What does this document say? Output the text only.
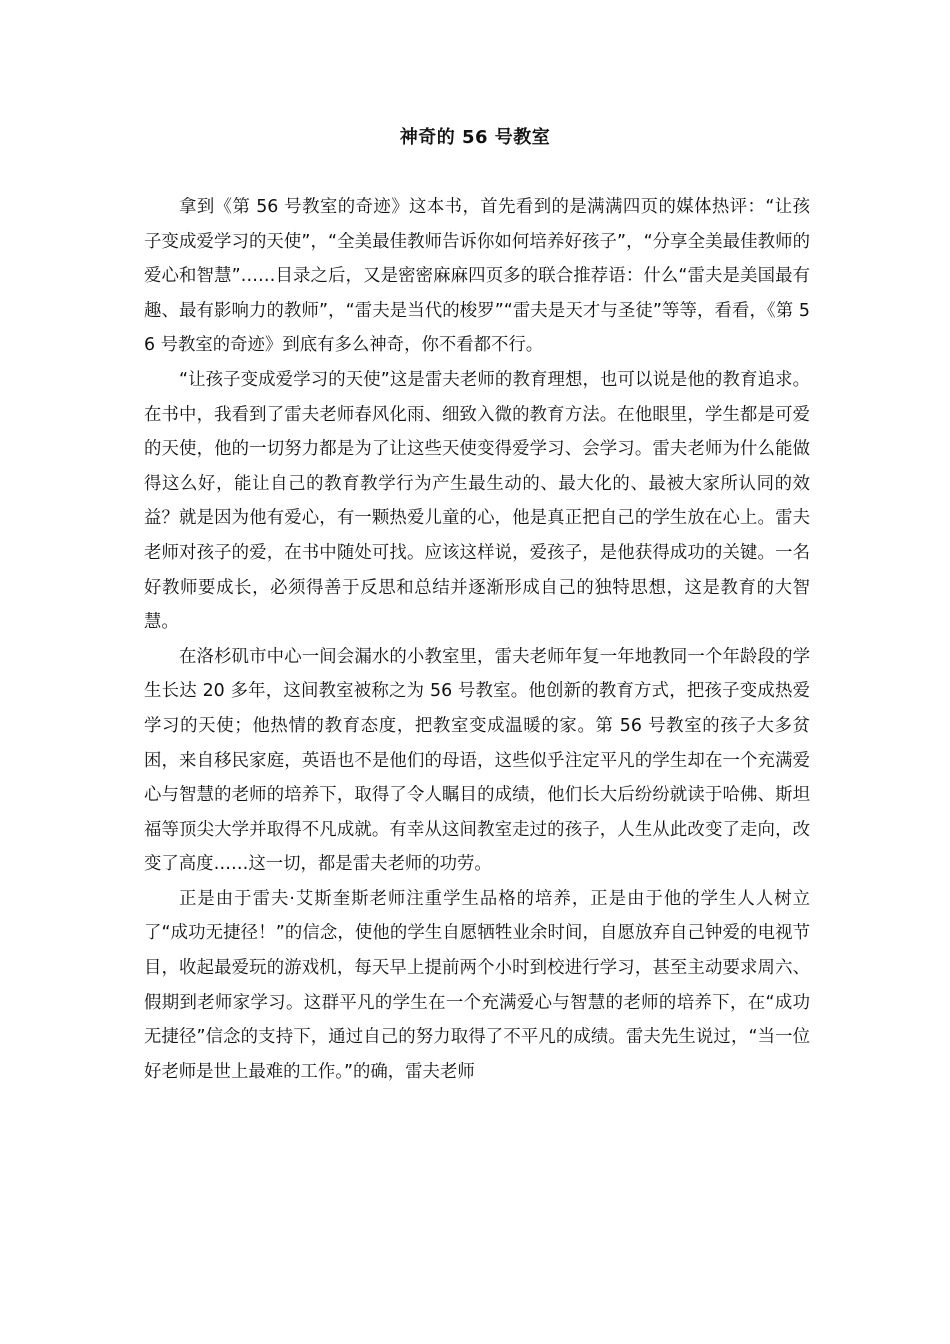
神奇的 56 号教室

拿到《第 56 号教室的奇迹》这本书，首先看到的是满满四页的媒体热评：“让孩子变成爱学习的天使”，“全美最佳教师告诉你如何培养好孩子”，“分享全美最佳教师的爱心和智慧”……目录之后，又是密密麻麻四页多的联合推荐语：什么“雷夫是美国最有趣、最有影响力的教师”，“雷夫是当代的梭罗”“雷夫是天才与圣徒”等等，看看，《第 56 号教室的奇迹》到底有多么神奇，你不看都不行。

“让孩子变成爱学习的天使”这是雷夫老师的教育理想，也可以说是他的教育追求。在书中，我看到了雷夫老师春风化雨、细致入微的教育方法。在他眼里，学生都是可爱的天使，他的一切努力都是为了让这些天使变得爱学习、会学习。雷夫老师为什么能做得这么好，能让自己的教育教学行为产生最生动的、最大化的、最被大家所认同的效益？就是因为他有爱心，有一颗热爱儿童的心，他是真正把自己的学生放在心上。雷夫老师对孩子的爱，在书中随处可找。应该这样说，爱孩子，是他获得成功的关键。一名好教师要成长，必须得善于反思和总结并逐渐形成自己的独特思想，这是教育的大智慧。

在洛杉矶市中心一间会漏水的小教室里，雷夫老师年复一年地教同一个年龄段的学生长达 20 多年，这间教室被称之为 56 号教室。他创新的教育方式，把孩子变成热爱学习的天使；他热情的教育态度，把教室变成温暖的家。第 56 号教室的孩子大多贫困，来自移民家庭，英语也不是他们的母语，这些似乎注定平凡的学生却在一个充满爱心与智慧的老师的培养下，取得了令人瞩目的成绩，他们长大后纷纷就读于哈佛、斯坦福等顶尖大学并取得不凡成就。有幸从这间教室走过的孩子，人生从此改变了走向，改变了高度……这一切，都是雷夫老师的功劳。

正是由于雷夫·艾斯奎斯老师注重学生品格的培养，正是由于他的学生人人树立了“成功无捷径！”的信念，使他的学生自愿牺牲业余时间，自愿放弃自己钟爱的电视节目，收起最爱玩的游戏机，每天早上提前两个小时到校进行学习，甚至主动要求周六、假期到老师家学习。这群平凡的学生在一个充满爱心与智慧的老师的培养下，在“成功无捷径”信念的支持下，通过自己的努力取得了不平凡的成绩。雷夫先生说过，“当一位好老师是世上最难的工作。”的确，雷夫老师
